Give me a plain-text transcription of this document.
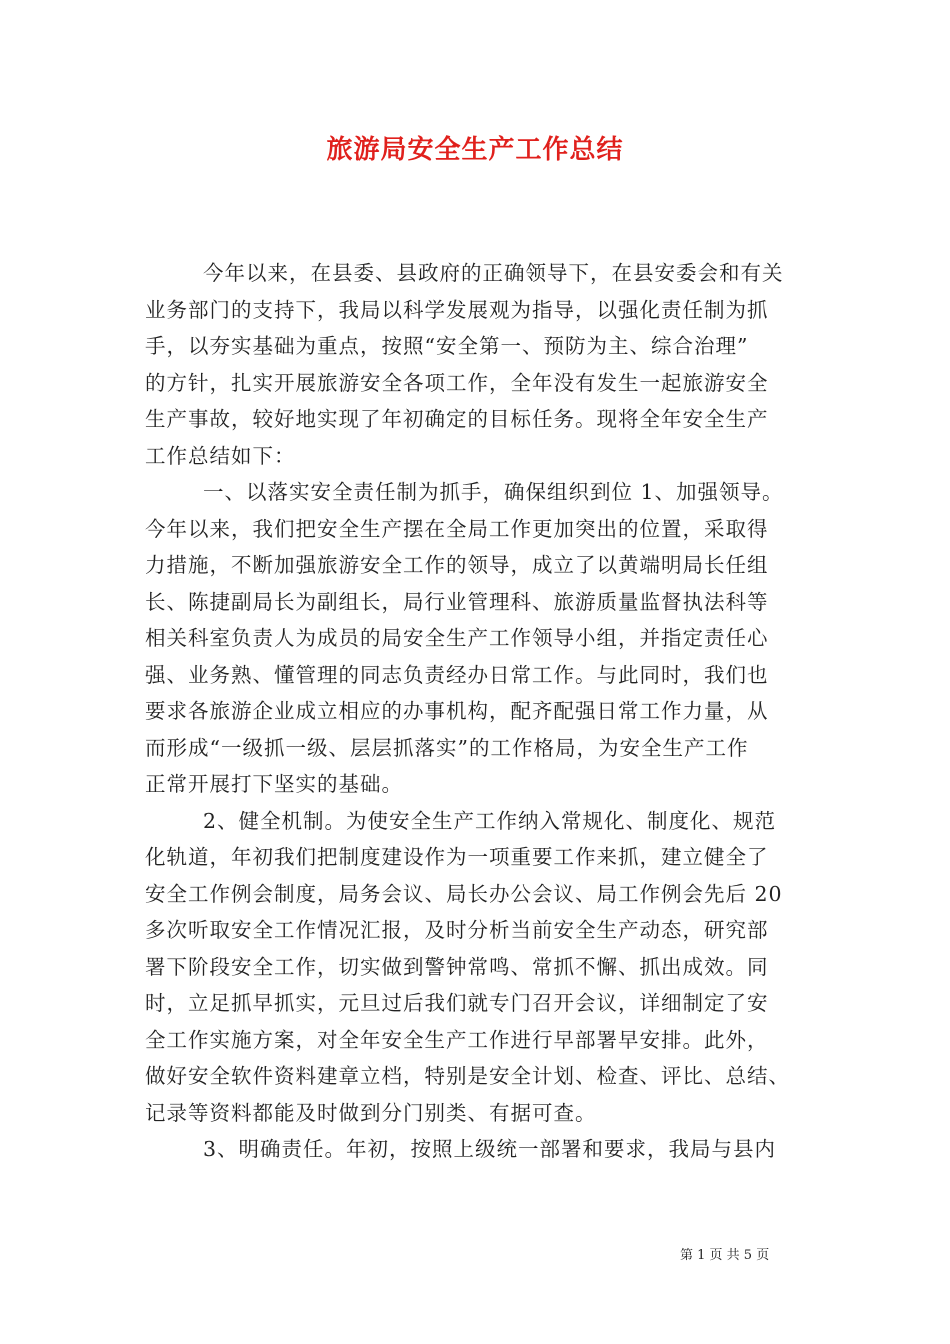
旅游局安全生产工作总结
今年以来，在县委、县政府的正确领导下，在县安委会和有关
业务部门的支持下，我局以科学发展观为指导，以强化责任制为抓
手，以夯实基础为重点，按照“安全第一、预防为主、综合治理”
的方针，扎实开展旅游安全各项工作，全年没有发生一起旅游安全
生产事故，较好地实现了年初确定的目标任务。现将全年安全生产
工作总结如下：
一、以落实安全责任制为抓手，确保组织到位 1、加强领导。
今年以来，我们把安全生产摆在全局工作更加突出的位置，采取得
力措施，不断加强旅游安全工作的领导，成立了以黄端明局长任组
长、陈捷副局长为副组长，局行业管理科、旅游质量监督执法科等
相关科室负责人为成员的局安全生产工作领导小组，并指定责任心
强、业务熟、懂管理的同志负责经办日常工作。与此同时，我们也
要求各旅游企业成立相应的办事机构，配齐配强日常工作力量，从
而形成“一级抓一级、层层抓落实”的工作格局，为安全生产工作
正常开展打下坚实的基础。
2、健全机制。为使安全生产工作纳入常规化、制度化、规范
化轨道，年初我们把制度建设作为一项重要工作来抓，建立健全了
安全工作例会制度，局务会议、局长办公会议、局工作例会先后 20
多次听取安全工作情况汇报，及时分析当前安全生产动态，研究部
署下阶段安全工作，切实做到警钟常鸣、常抓不懈、抓出成效。同
时，立足抓早抓实，元旦过后我们就专门召开会议，详细制定了安
全工作实施方案，对全年安全生产工作进行早部署早安排。此外，
做好安全软件资料建章立档，特别是安全计划、检查、评比、总结、
记录等资料都能及时做到分门别类、有据可查。
3、明确责任。年初，按照上级统一部署和要求，我局与县内
第 1 页 共 5 页
